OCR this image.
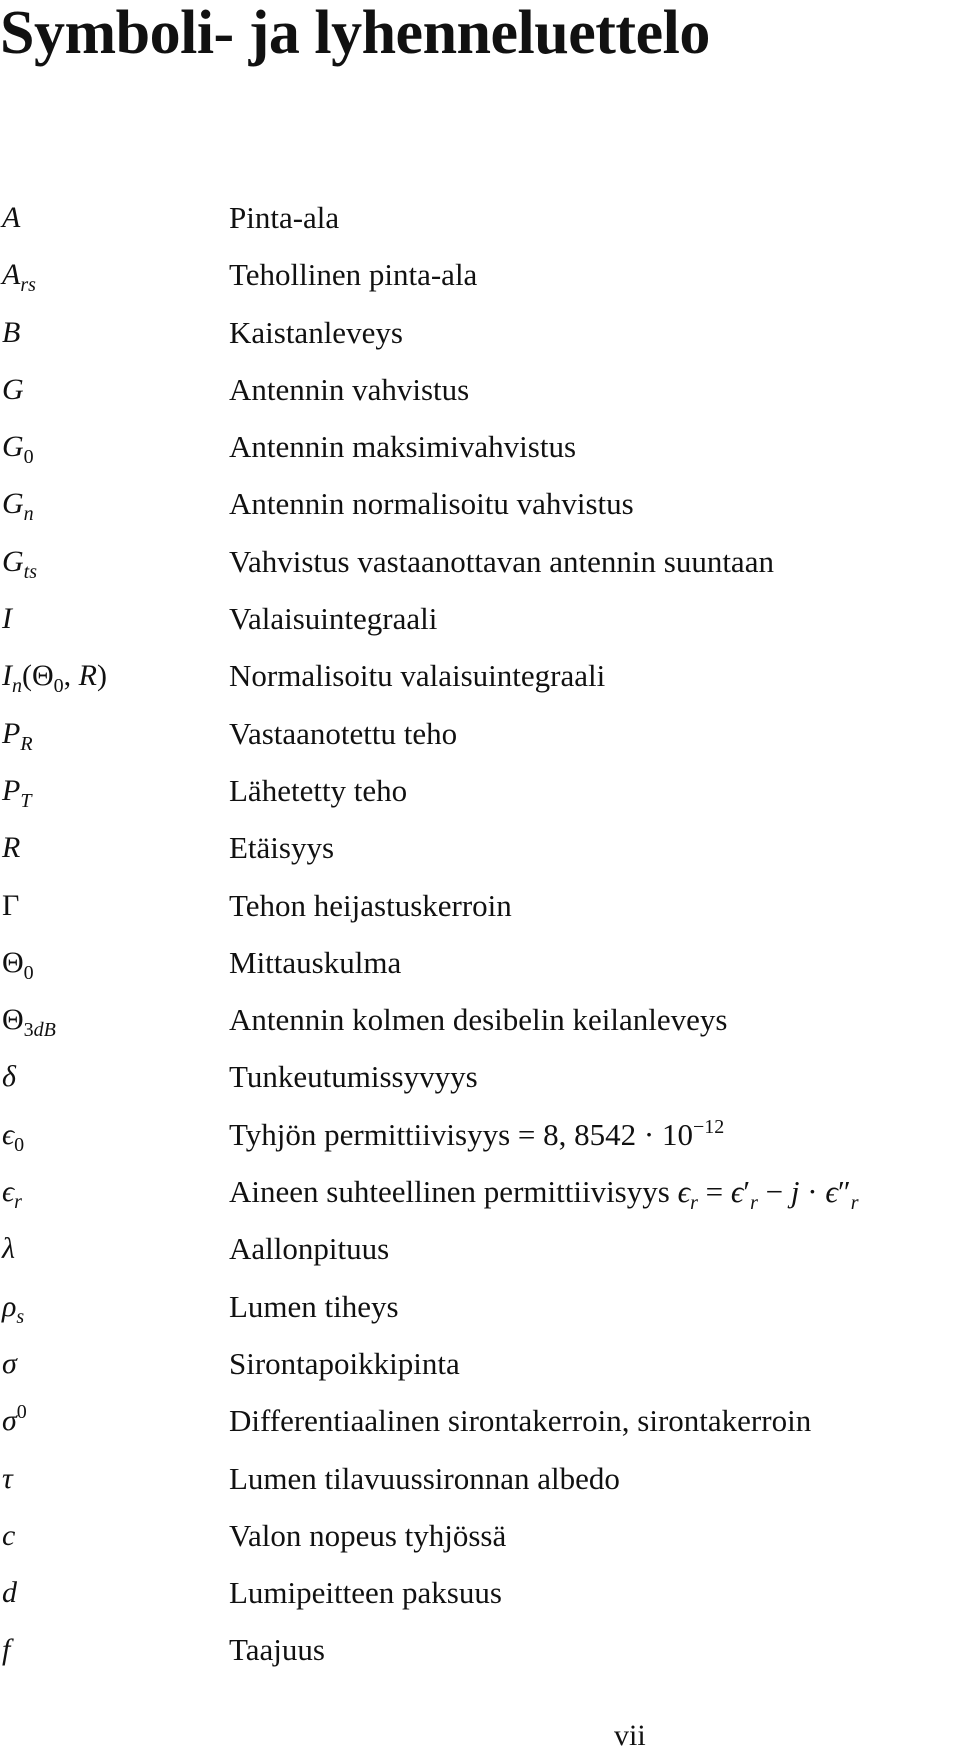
Symboli- ja lyhenneluettelo
A	Pinta-ala
$A_{rs}$	Tehollinen pinta-ala
B	Kaistanleveys
G	Antennin vahvistus
$G_0$	Antennin maksimivahvistus
$G_n$	Antennin normalisoitu vahvistus
$G_{ts}$	Vahvistus vastaanottavan antennin suuntaan
I	Valaisuintegraali
$I_n(\Theta_0$, R)	Normalisoitu valaisuintegraali
$P_R$	Vastaanotettu teho
$P_T$	Lähetetty teho
R	Etäisyys
Γ	Tehon heijastuskerroin
$\Theta_0$	Mittauskulma
$\Theta_{3dB}$	Antennin kolmen desibelin keilanleveys
δ	Tunkeutumissyvyys
$\epsilon_0$	Tyhjön permittiivisyys = 8, $8542 \cdot 10^{-12}$
$\epsilon_r$	Aineen suhteellinen permittiivisyys $\epsilon_r = \epsilon'_r - j \cdot \epsilon''_r$
λ	Aallonpituus
$\rho_s$	Lumen tiheys
σ	Sirontapoikkipinta
$\sigma^0$	Differentiaalinen sirontakerroin, sirontakerroin
τ	Lumen tilavuussironnan albedo
c	Valon nopeus tyhjössä
d	Lumipeitteen paksuus
f	Taajuus
vii
